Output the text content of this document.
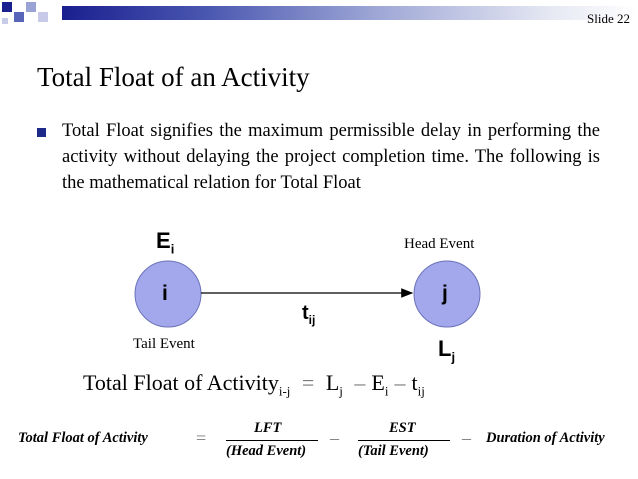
Slide 22
Total Float of an Activity
Total Float signifies the maximum permissible delay in performing the activity without delaying the project completion time. The following is the mathematical relation for Total Float
i	j
$E_i$
Tail Event
Head Event
$t_{ij}$
$L_j$
Total Float of Activity$_{i-j}$ = $L_j - E_i - t_{ij}$
Total Float of Activity	=	LFT
(Head Event)
–	EST
(Tail Event)
– Duration of Activity
